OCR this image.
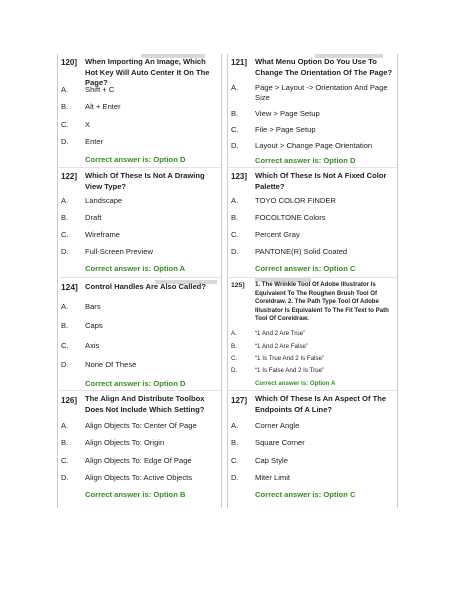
120] When Importing An Image, Which Hot Key Will Auto Center It On The Page?
A. Shift + C
B. Alt + Enter
C. X
D. Enter
Correct answer is: Option D
121] What Menu Option Do You Use To Change The Orientation Of The Page?
A. Page > Layout -> Orientation And Page Size
B. View > Page Setup
C. File > Page Setup
D. Layout > Change Page Orientation
Correct answer is: Option D
122] Which Of These Is Not A Drawing View Type?
A. Landscape
B. Draft
C. Wireframe
D. Full-Screen Preview
Correct answer is: Option A
123] Which Of These Is Not A Fixed Color Palette?
A. TOYO COLOR FINDER
B. FOCOLTONE Colors
C. Percent Gray
D. PANTONE(R) Solid Coated
Correct answer is: Option C
124] Control Handles Are Also Called?
A. Bars
B. Caps
C. Axis
D. None Of These
Correct answer is: Option D
125] 1. The Wrinkle Tool Of Adobe Illustrator Is Equivalent To The Roughen Brush Tool Of Coreldraw. 2. The Path Type Tool Of Adobe Illustrator Is Equivalent To The Fit Text to Path Tool Of Coreldraw.
A.	“1 And 2 Are True”
B.	“1 And 2 Are False”
C.	“1 Is True And 2 Is False”
D.	“1 Is False And 2 Is True”
Correct answer is: Option A
126] The Align And Distribute Toolbox Does Not Include Which Setting?
A. Align Objects To: Center Of Page
B. Align Objects To: Origin
C. Align Objects To: Edge Of Page
D. Align Objects To: Active Objects
Correct answer is: Option B
127] Which Of These Is An Aspect Of The Endpoints Of A Line?
A. Corner Angle
B. Square Corner
C. Cap Style
D. Miter Limit
Correct answer is: Option C
